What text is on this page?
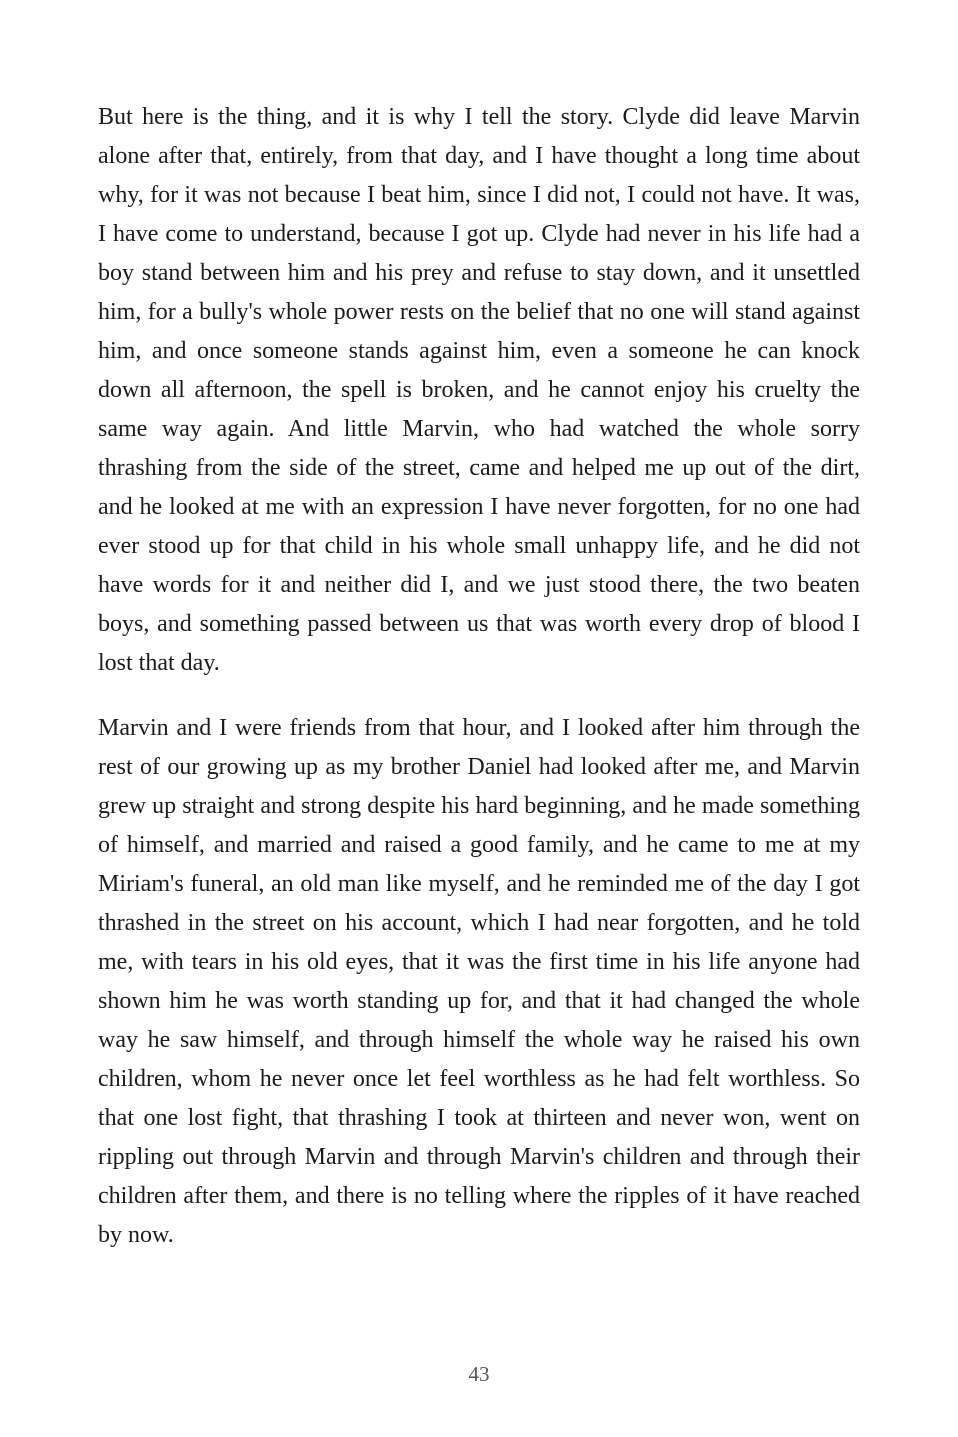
But here is the thing, and it is why I tell the story. Clyde did leave Marvin alone after that, entirely, from that day, and I have thought a long time about why, for it was not because I beat him, since I did not, I could not have. It was, I have come to understand, because I got up. Clyde had never in his life had a boy stand between him and his prey and refuse to stay down, and it unsettled him, for a bully's whole power rests on the belief that no one will stand against him, and once someone stands against him, even a someone he can knock down all afternoon, the spell is broken, and he cannot enjoy his cruelty the same way again. And little Marvin, who had watched the whole sorry thrashing from the side of the street, came and helped me up out of the dirt, and he looked at me with an expression I have never forgotten, for no one had ever stood up for that child in his whole small unhappy life, and he did not have words for it and neither did I, and we just stood there, the two beaten boys, and something passed between us that was worth every drop of blood I lost that day.

Marvin and I were friends from that hour, and I looked after him through the rest of our growing up as my brother Daniel had looked after me, and Marvin grew up straight and strong despite his hard beginning, and he made something of himself, and married and raised a good family, and he came to me at my Miriam's funeral, an old man like myself, and he reminded me of the day I got thrashed in the street on his account, which I had near forgotten, and he told me, with tears in his old eyes, that it was the first time in his life anyone had shown him he was worth standing up for, and that it had changed the whole way he saw himself, and through himself the whole way he raised his own children, whom he never once let feel worthless as he had felt worthless. So that one lost fight, that thrashing I took at thirteen and never won, went on rippling out through Marvin and through Marvin's children and through their children after them, and there is no telling where the ripples of it have reached by now.

43
